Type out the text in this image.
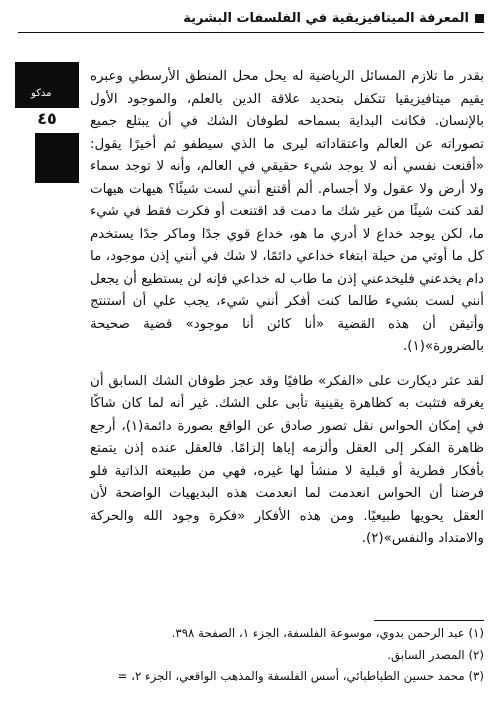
المعرفة الميتافيزيقية في الفلسفات البشرية
مدكو
٤٥

بقدر ما تلازم المسائل الرياضية له يحل محل المنطق الأرسطي وعبره يقيم ميتافيزيقيا تتكفل بتحديد علاقة الدين بالعلم، والموجود الأول بالإنسان. فكانت البداية بسماحه لطوفان الشك في أن يبتلع جميع تصوراته عن العالم واعتقاداته ليرى ما الذي سيطفو ثم أخيرًا يقول: «أقنعت نفسي أنه لا يوجد شيء حقيقي في العالم، وأنه لا توجد سماء ولا أرض ولا عقول ولا أجسام. ألم أقتنع أنني لست شيئًا؟ هيهات هيهات لقد كنت شيئًا من غير شك ما دمت قد اقتنعت أو فكرت فقط في شيء ما، لكن يوجد خداع لا أدري ما هو، خداع قوي جدًا وماكر جدًا يستخدم كل ما أوتي من حيلة ابتغاء خداعي دائمًا، لا شك في أنني إذن موجود، ما دام يخدعني فليخدعني إذن ما طاب له خداعي فإنه لن يستطيع أن يجعل أنني لست بشيء طالما كنت أفكر أنني شيء، يجب علي أن أستنتج وأتيقن أن هذه القضية «أنا كائن أنا موجود» قضية صحيحة بالضرورة»(١).

لقد عثر ديكارت على «الفكر» طافيًا وقد عجز طوفان الشك السابق أن يغرقه فتثبت به كظاهرة يقينية تأبى على الشك. غير أنه لما كان شاكًا في إمكان الحواس نقل تصور صادق عن الواقع بصورة دائمة(١)، أرجع ظاهرة الفكر إلى العقل وألزمه إياها إلزامًا. فالعقل عنده إذن يتمتع بأفكار فطرية أو قبلية لا منشأ لها غيره، فهي من طبيعته الذاتية فلو فرضنا أن الحواس انعدمت لما انعدمت هذه البديهيات الواضحة لأن العقل يحويها طبيعيًا. ومن هذه الأفكار «فكرة وجود الله والحركة والامتداد والنفس»(٢).

(١) عبد الرحمن بدوي، موسوعة الفلسفة، الجزء ١، الصفحة ٣٩٨.
(٢) المصدر السابق.
(٣) محمد حسين الطباطبائي، أسس الفلسفة والمذهب الواقعي، الجزء ٢، =
